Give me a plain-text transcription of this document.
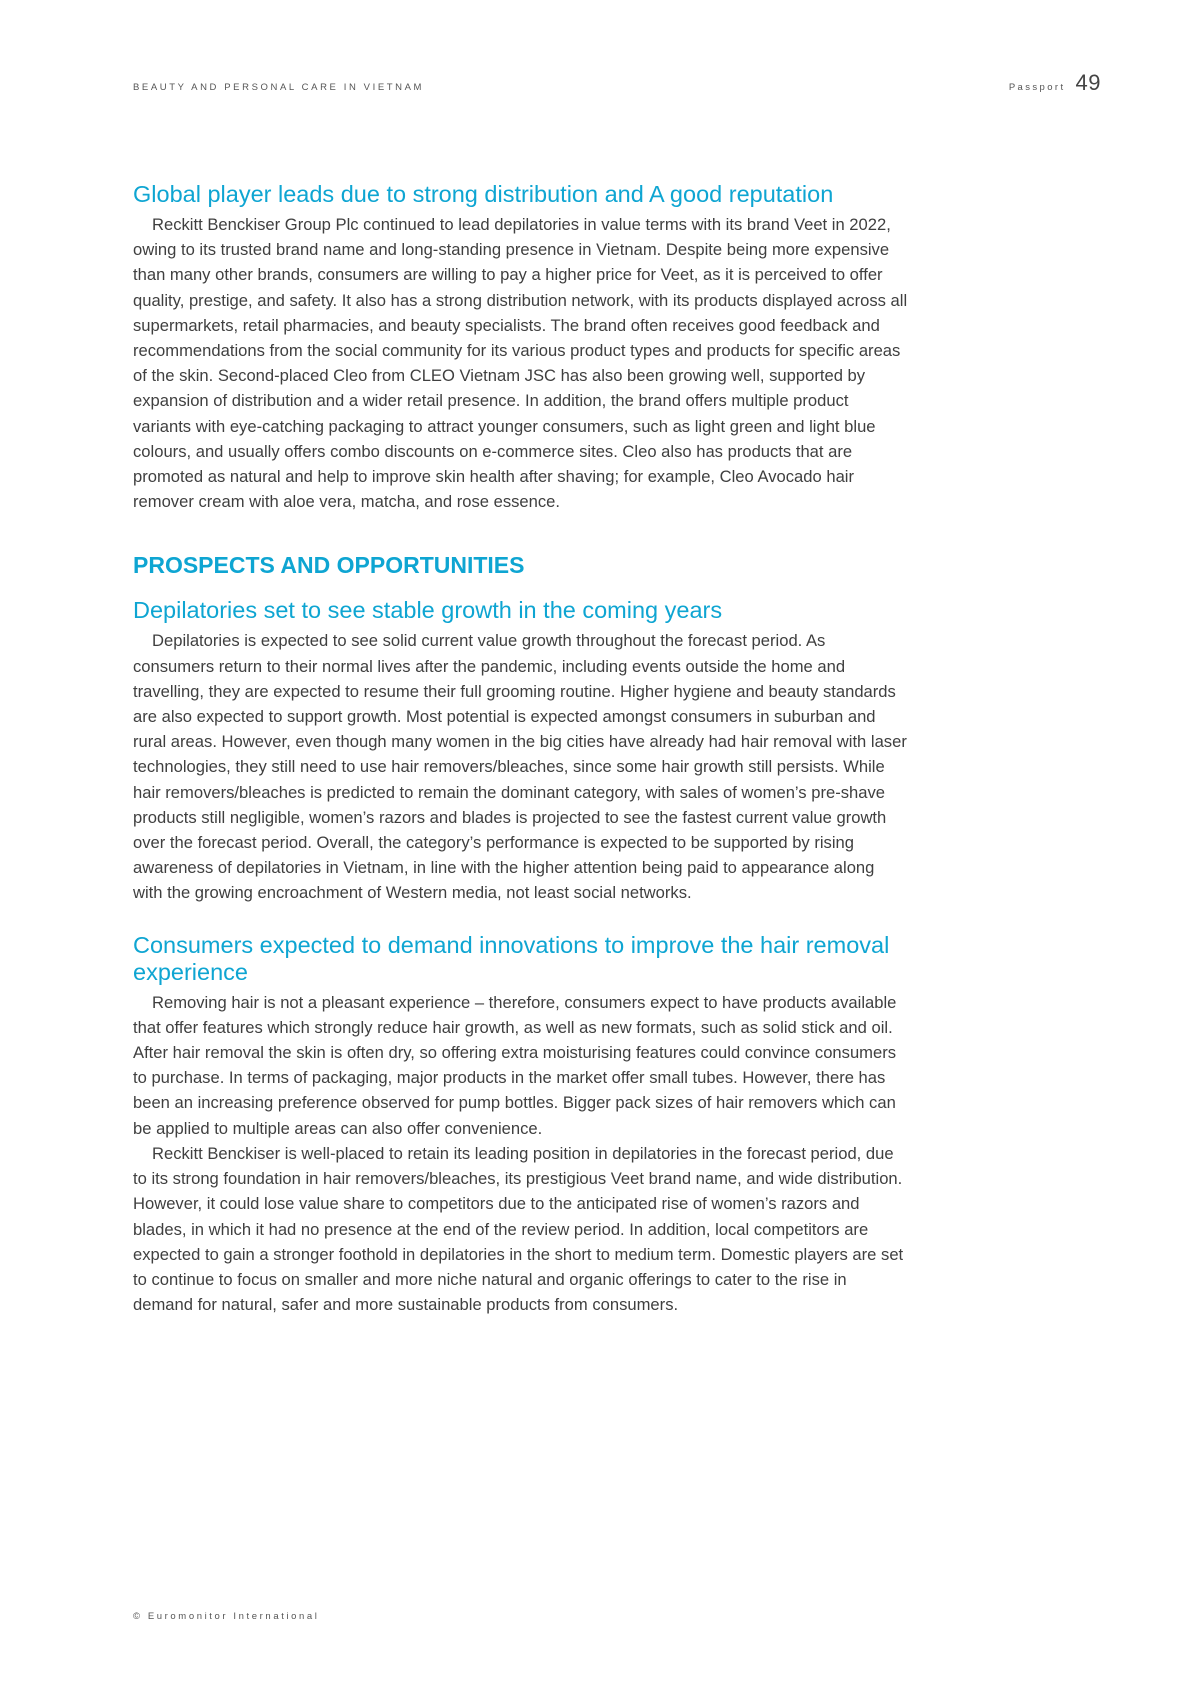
BEAUTY AND PERSONAL CARE IN VIETNAM	Passport 49
Global player leads due to strong distribution and A good reputation

Reckitt Benckiser Group Plc continued to lead depilatories in value terms with its brand Veet in 2022, owing to its trusted brand name and long-standing presence in Vietnam. Despite being more expensive than many other brands, consumers are willing to pay a higher price for Veet, as it is perceived to offer quality, prestige, and safety. It also has a strong distribution network, with its products displayed across all supermarkets, retail pharmacies, and beauty specialists. The brand often receives good feedback and recommendations from the social community for its various product types and products for specific areas of the skin. Second-placed Cleo from CLEO Vietnam JSC has also been growing well, supported by expansion of distribution and a wider retail presence. In addition, the brand offers multiple product variants with eye-catching packaging to attract younger consumers, such as light green and light blue colours, and usually offers combo discounts on e-commerce sites. Cleo also has products that are promoted as natural and help to improve skin health after shaving; for example, Cleo Avocado hair remover cream with aloe vera, matcha, and rose essence.

PROSPECTS AND OPPORTUNITIES
Depilatories set to see stable growth in the coming years

Depilatories is expected to see solid current value growth throughout the forecast period. As consumers return to their normal lives after the pandemic, including events outside the home and travelling, they are expected to resume their full grooming routine. Higher hygiene and beauty standards are also expected to support growth. Most potential is expected amongst consumers in suburban and rural areas. However, even though many women in the big cities have already had hair removal with laser technologies, they still need to use hair removers/bleaches, since some hair growth still persists. While hair removers/bleaches is predicted to remain the dominant category, with sales of women’s pre-shave products still negligible, women’s razors and blades is projected to see the fastest current value growth over the forecast period. Overall, the category’s performance is expected to be supported by rising awareness of depilatories in Vietnam, in line with the higher attention being paid to appearance along with the growing encroachment of Western media, not least social networks.

Consumers expected to demand innovations to improve the hair removal experience

Removing hair is not a pleasant experience – therefore, consumers expect to have products available that offer features which strongly reduce hair growth, as well as new formats, such as solid stick and oil. After hair removal the skin is often dry, so offering extra moisturising features could convince consumers to purchase. In terms of packaging, major products in the market offer small tubes. However, there has been an increasing preference observed for pump bottles. Bigger pack sizes of hair removers which can be applied to multiple areas can also offer convenience.

Reckitt Benckiser is well-placed to retain its leading position in depilatories in the forecast period, due to its strong foundation in hair removers/bleaches, its prestigious Veet brand name, and wide distribution. However, it could lose value share to competitors due to the anticipated rise of women’s razors and blades, in which it had no presence at the end of the review period. In addition, local competitors are expected to gain a stronger foothold in depilatories in the short to medium term. Domestic players are set to continue to focus on smaller and more niche natural and organic offerings to cater to the rise in demand for natural, safer and more sustainable products from consumers.

© Euromonitor International
